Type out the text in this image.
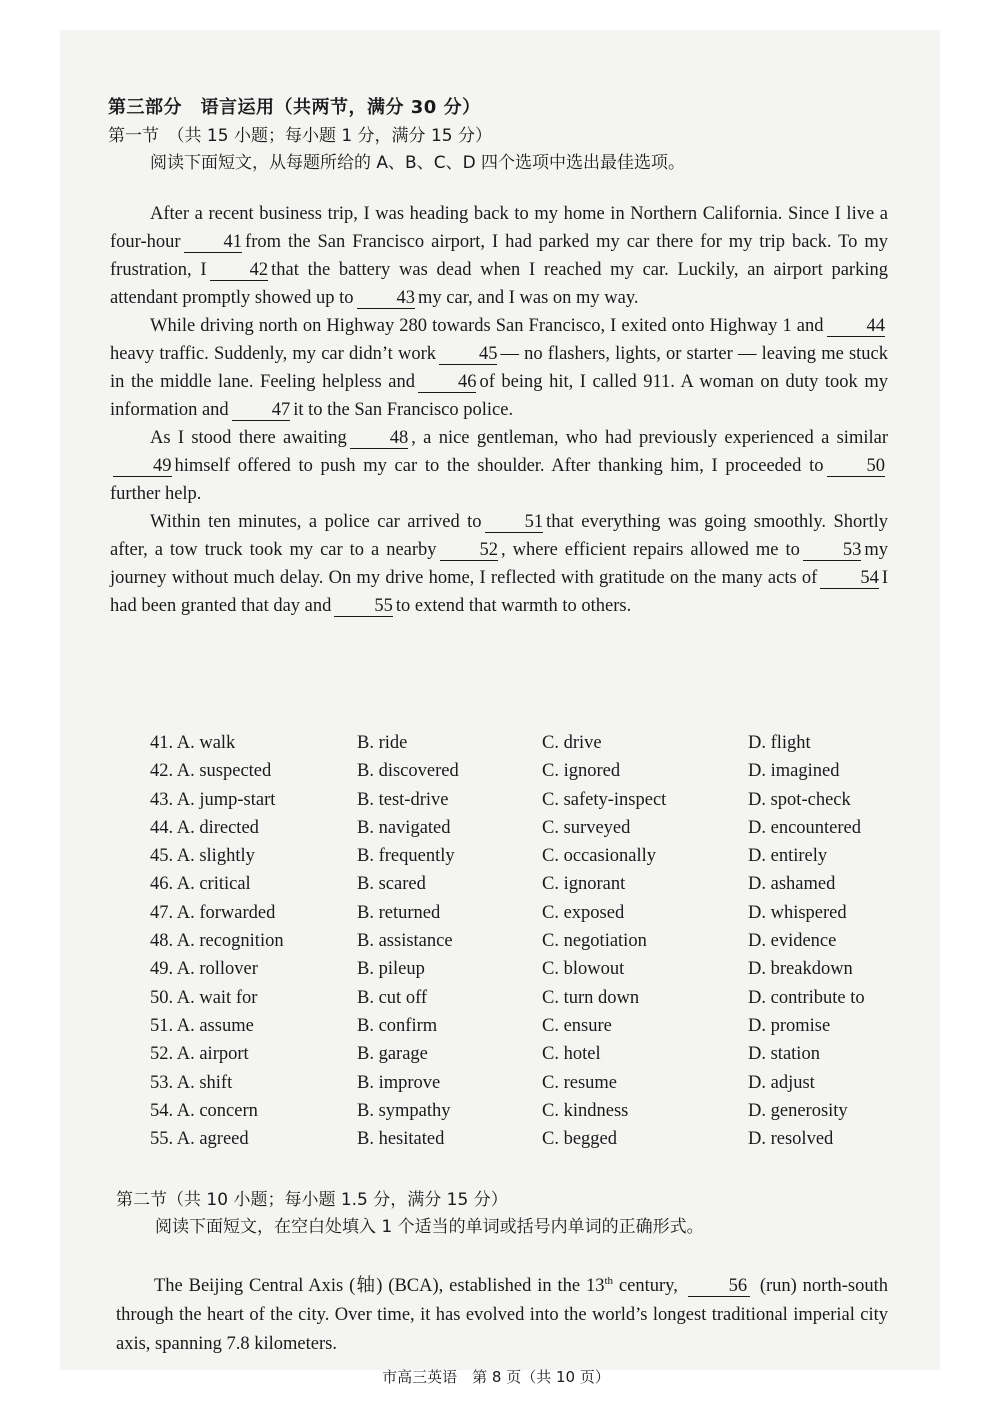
第三部分　语言运用（共两节，满分 30 分）
第一节　（共 15 小题；每小题 1 分，满分 15 分）
阅读下面短文，从每题所给的 A、B、C、D 四个选项中选出最佳选项。

After a recent business trip, I was heading back to my home in Northern California. Since I live a four-hour 41 from the San Francisco airport, I had parked my car there for my trip back. To my frustration, I 42 that the battery was dead when I reached my car. Luckily, an airport parking attendant promptly showed up to 43 my car, and I was on my way.

While driving north on Highway 280 towards San Francisco, I exited onto Highway 1 and 44heavy traffic. Suddenly, my car didn’t work 45 — no flashers, lights, or starter — leaving me stuck in the middle lane. Feeling helpless and 46 of being hit, I called 911. A woman on duty took my information and 47 it to the San Francisco police.

As I stood there awaiting 48 , a nice gentleman, who had previously experienced a similar49 himself offered to push my car to the shoulder. After thanking him, I proceeded to 50further help.

Within ten minutes, a police car arrived to 51 that everything was going smoothly. Shortly after, a tow truck took my car to a nearby 52 , where efficient repairs allowed me to 53 my journey without much delay. On my drive home, I reflected with gratitude on the many acts of 54 I had been granted that day and 55 to extend that warmth to others.

41. A. walk	B. ride	C. drive	D. flight
42. A. suspected	B. discovered	C. ignored	D. imagined
43. A. jump-start	B. test-drive	C. safety-inspect	D. spot-check
44. A. directed	B. navigated	C. surveyed	D. encountered
45. A. slightly	B. frequently	C. occasionally	D. entirely
46. A. critical	B. scared	C. ignorant	D. ashamed
47. A. forwarded	B. returned	C. exposed	D. whispered
48. A. recognition	B. assistance	C. negotiation	D. evidence
49. A. rollover	B. pileup	C. blowout	D. breakdown
50. A. wait for	B. cut off	C. turn down	D. contribute to
51. A. assume	B. confirm	C. ensure	D. promise
52. A. airport	B. garage	C. hotel	D. station
53. A. shift	B. improve	C. resume	D. adjust
54. A. concern	B. sympathy	C. kindness	D. generosity
55. A. agreed	B. hesitated	C. begged	D. resolved
第二节（共 10 小题；每小题 1.5 分，满分 15 分）
阅读下面短文，在空白处填入 1 个适当的单词或括号内单词的正确形式。

The Beijing Central Axis (轴) (BCA), established in the 13th century,	56 (run) north-south through the heart of the city. Over time, it has evolved into the world’s longest traditional imperial city axis, spanning 7.8 kilometers.

市高三英语　第 8 页（共 10 页）
